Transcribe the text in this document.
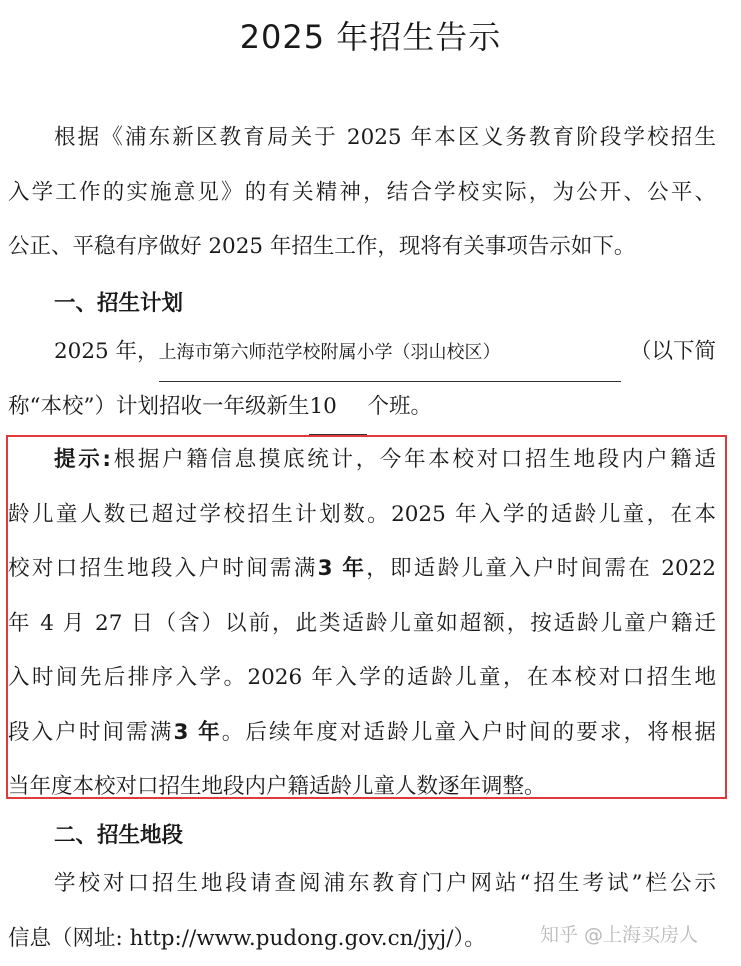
2025 年招生告示
根据《浦东新区教育局关于 2025 年本区义务教育阶段学校招生
入学工作的实施意见》的有关精神，结合学校实际，为公开、公平、
公正、平稳有序做好 2025 年招生工作，现将有关事项告示如下。
一、招生计划
2025 年，上海市第六师范学校附属小学（羽山校区）	（以下简
称“本校”）计划招收一年级新生10 个班。
提示:根据户籍信息摸底统计，今年本校对口招生地段内户籍适
龄儿童人数已超过学校招生计划数。2025 年入学的适龄儿童，在本
校对口招生地段入户时间需满3 年，即适龄儿童入户时间需在 2022
年 4 月 27 日（含）以前，此类适龄儿童如超额，按适龄儿童户籍迁
入时间先后排序入学。2026 年入学的适龄儿童，在本校对口招生地
段入户时间需满3 年。后续年度对适龄儿童入户时间的要求，将根据
当年度本校对口招生地段内户籍适龄儿童人数逐年调整。
二、招生地段
学校对口招生地段请查阅浦东教育门户网站“招生考试”栏公示
信息（网址: http://www.pudong.gov.cn/jyj/）。	知乎 @上海买房人
